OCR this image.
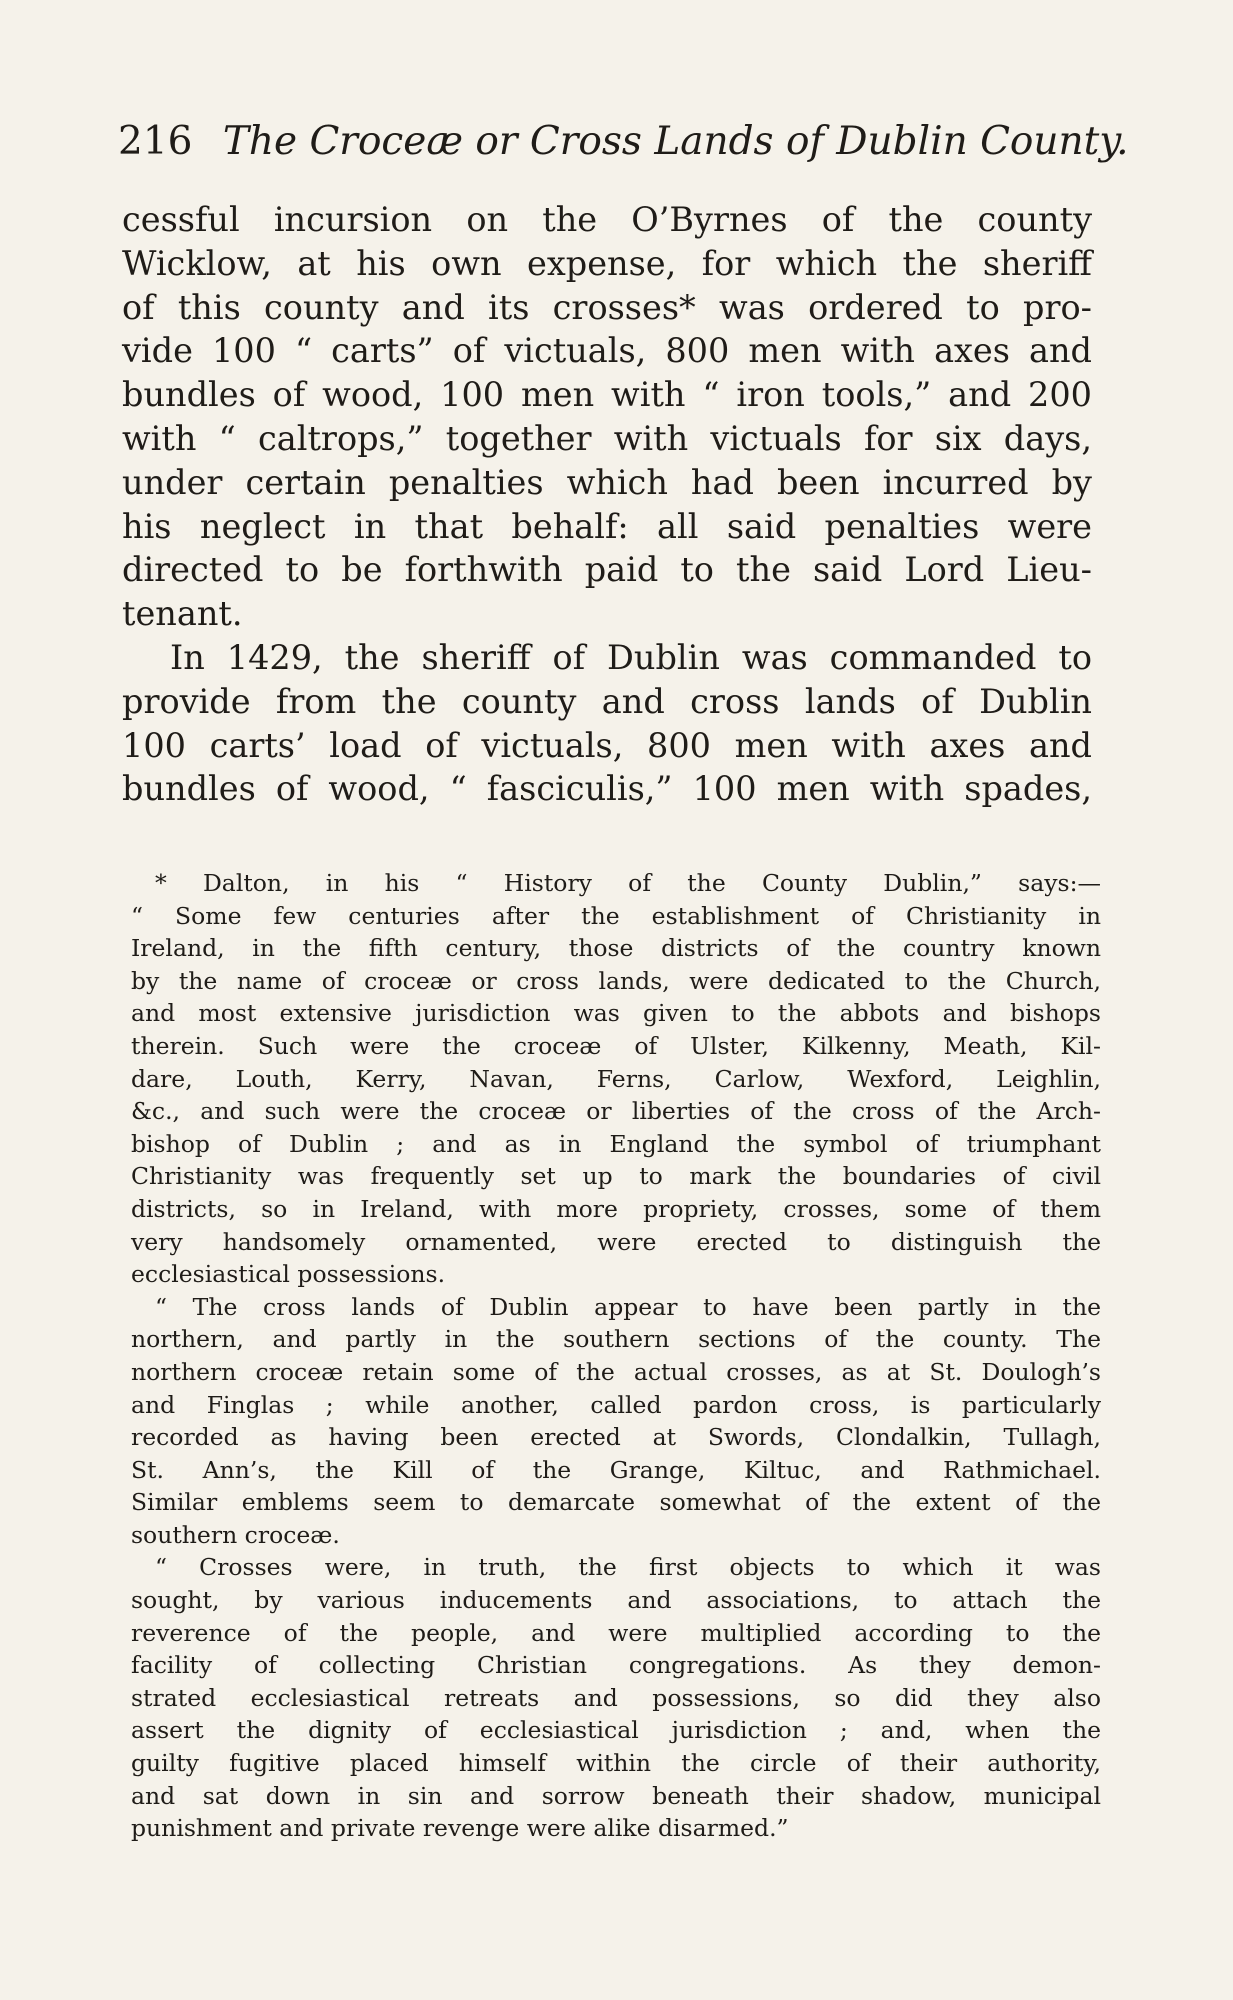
216 The Croceæ or Cross Lands of Dublin County.
cessful incursion on the O’Byrnes of the county
Wicklow, at his own expense, for which the sheriff
of this county and its crosses* was ordered to pro-
vide 100 “ carts” of victuals, 800 men with axes and
bundles of wood, 100 men with “ iron tools,” and 200
with “ caltrops,” together with victuals for six days,
under certain penalties which had been incurred by
his neglect in that behalf: all said penalties were
directed to be forthwith paid to the said Lord Lieu-
tenant.
In 1429, the sheriff of Dublin was commanded to
provide from the county and cross lands of Dublin
100 carts’ load of victuals, 800 men with axes and
bundles of wood, “ fasciculis,” 100 men with spades,
* Dalton, in his “ History of the County Dublin,” says:—
“ Some few centuries after the establishment of Christianity in
Ireland, in the fifth century, those districts of the country known
by the name of croceæ or cross lands, were dedicated to the Church,
and most extensive jurisdiction was given to the abbots and bishops
therein. Such were the croceæ of Ulster, Kilkenny, Meath, Kil-
dare, Louth, Kerry, Navan, Ferns, Carlow, Wexford, Leighlin,
&c., and such were the croceæ or liberties of the cross of the Arch-
bishop of Dublin ; and as in England the symbol of triumphant
Christianity was frequently set up to mark the boundaries of civil
districts, so in Ireland, with more propriety, crosses, some of them
very handsomely ornamented, were erected to distinguish the
ecclesiastical possessions.
“ The cross lands of Dublin appear to have been partly in the
northern, and partly in the southern sections of the county. The
northern croceæ retain some of the actual crosses, as at St. Doulogh’s
and Finglas ; while another, called pardon cross, is particularly
recorded as having been erected at Swords, Clondalkin, Tullagh,
St. Ann’s, the Kill of the Grange, Kiltuc, and Rathmichael.
Similar emblems seem to demarcate somewhat of the extent of the
southern croceæ.
“ Crosses were, in truth, the first objects to which it was
sought, by various inducements and associations, to attach the
reverence of the people, and were multiplied according to the
facility of collecting Christian congregations. As they demon-
strated ecclesiastical retreats and possessions, so did they also
assert the dignity of ecclesiastical jurisdiction ; and, when the
guilty fugitive placed himself within the circle of their authority,
and sat down in sin and sorrow beneath their shadow, municipal
punishment and private revenge were alike disarmed.”
